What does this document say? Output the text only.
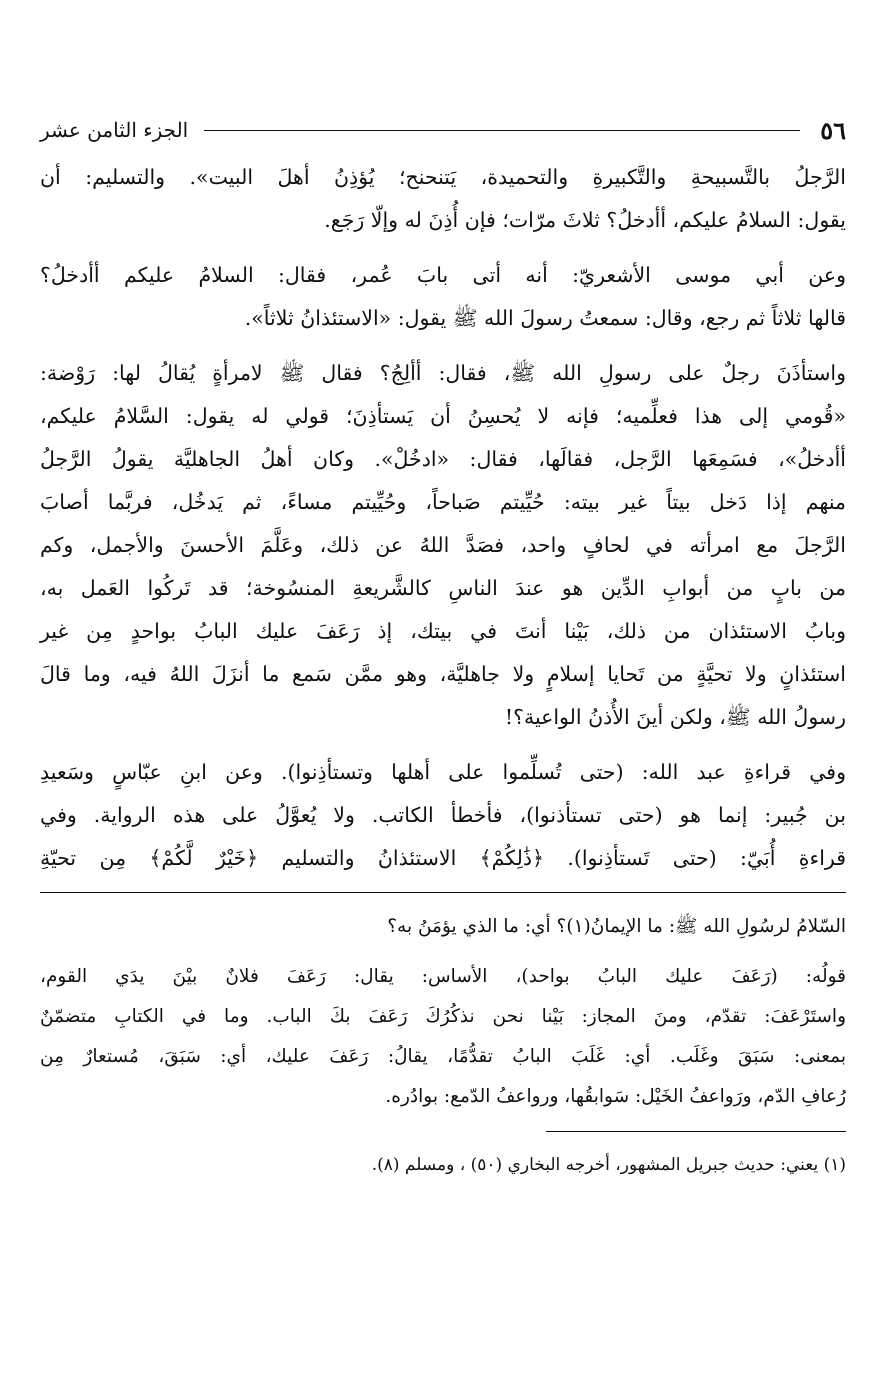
٥٦
الجزء الثامن عشر

الرَّجلُ بالتَّسبيحةِ والتَّكبيرةِ والتحميدة، يَتنحنح؛ يُؤذِنُ أهلَ البيت». والتسليم: أن
يقول: السلامُ عليكم، أأدخلُ؟ ثلاثَ مرّات؛ فإن أُذِنَ له وإلّا رَجَع.

وعن أبي موسى الأشعريّ: أنه أتى بابَ عُمر، فقال: السلامُ عليكم أأدخلُ؟
قالها ثلاثاً ثم رجع، وقال: سمعتُ رسولَ الله ﷺ يقول: «الاستئذانُ ثلاثاً».

واستأذَنَ رجلٌ على رسولِ الله ﷺ، فقال: أألِجُ؟ فقال ﷺ لامرأةٍ يُقالُ لها: رَوْضة:
«قُومي إلى هذا فعلِّميه؛ فإنه لا يُحسِنُ أن يَستأذِنَ؛ قولي له يقول: السَّلامُ عليكم،
أأدخلُ»، فسَمِعَها الرَّجل، فقالَها، فقال: «ادخُلْ». وكان أهلُ الجاهليَّة يقولُ الرَّجلُ
منهم إذا دَخل بيتاً غير بيته: حُيِّيتم صَباحاً، وحُيِّيتم مساءً، ثم يَدخُل، فربَّما أصابَ
الرَّجلَ مع امرأته في لحافٍ واحد، فصَدَّ اللهُ عن ذلك، وعَلَّمَ الأحسنَ والأجمل، وكم
من بابٍ من أبوابِ الدِّين هو عندَ الناسِ كالشَّريعةِ المنسُوخة؛ قد تَركُوا العَمل به،
وبابُ الاستئذان من ذلك، بَيْنا أنتَ في بيتك، إذ رَعَفَ عليك البابُ بواحدٍ مِن غير
استئذانٍ ولا تحيَّةٍ من تَحايا إسلامٍ ولا جاهليَّة، وهو ممَّن سَمع ما أنزَلَ اللهُ فيه، وما قالَ
رسولُ الله ﷺ، ولكن أينَ الأُذنُ الواعية؟!

وفي قراءةِ عبد الله: (حتى تُسلِّموا على أهلها وتستأذِنوا). وعن ابنِ عبّاسٍ وسَعيدِ
بن جُبير: إنما هو (حتى تستأذنوا)، فأخطأ الكاتب. ولا يُعوَّلُ على هذه الرواية. وفي
قراءةِ أُبَيّ: (حتى تَستأذِنوا). ﴿ذَٰلِكُمْ﴾ الاستئذانُ والتسليم ﴿خَيْرٌ لَّكُمْ﴾ مِن تحيّةِ

السّلامُ لرسُولِ الله ﷺ: ما الإيمانُ(١)؟ أي: ما الذي يؤمَنُ به؟

قولُه: (رَعَفَ عليك البابُ بواحد)، الأساس: يقال: رَعَفَ فلانٌ بيْنَ يدَي القوم،
واستَرْعَفَ: تقدّم، ومنَ المجاز: بَيْنا نحن نذكُرُكَ رَعَفَ بكَ الباب. وما في الكتابِ متضمّنٌ
بمعنى: سَبَقَ وغَلَب. أي: غَلَبَ البابُ تقدُّمًا، يقالُ: رَعَفَ عليك، أي: سَبَقَ، مُستعارٌ مِن
رُعافِ الدّم، ورَواعفُ الخَيْل: سَوابقُها، ورواعفُ الدّمع: بوادُره.

(١) يعني: حديث جبريل المشهور، أخرجه البخاري (٥٠) ، ومسلم (٨).
